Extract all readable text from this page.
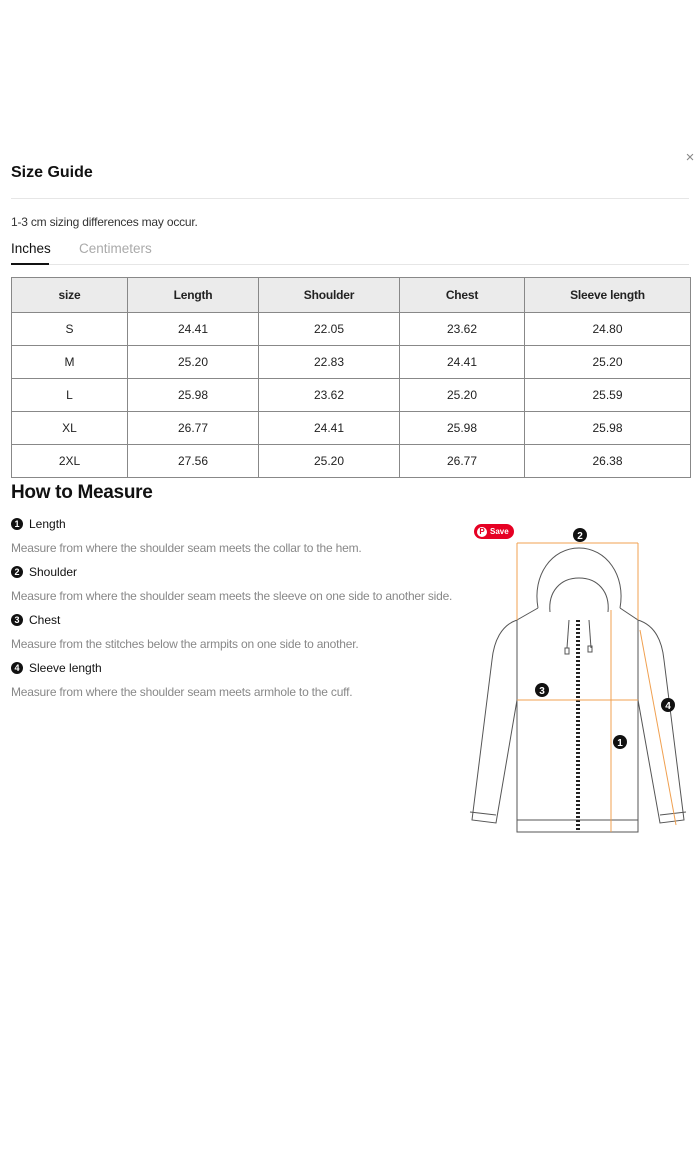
×
Size Guide
1-3 cm sizing differences may occur.
Inches Centimeters
size	Length	Shoulder	Chest	Sleeve length
S	24.41	22.05	23.62	24.80
M	25.20	22.83	24.41	25.20
L	25.98	23.62	25.20	25.59
XL	26.77	24.41	25.98	25.98
2XL	27.56	25.20	26.77	26.38
How to Measure
1 Length
Measure from where the shoulder seam meets the collar to the hem.
2 Shoulder
Measure from where the shoulder seam meets the sleeve on one side to another side.
3 Chest
Measure from the stitches below the armpits on one side to another.
4 Sleeve length
Measure from where the shoulder seam meets armhole to the cuff.
2
3
1
4
P Save
